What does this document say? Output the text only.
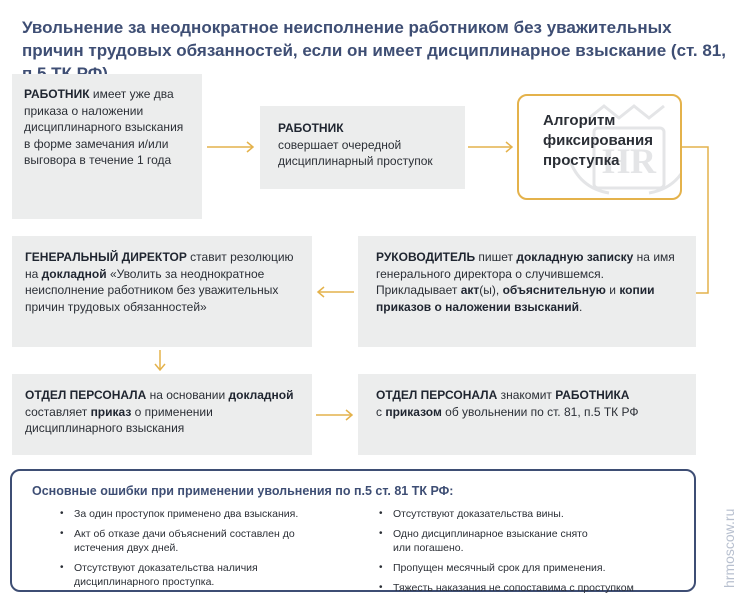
Увольнение за неоднократное неисполнение работником без уважительных причин трудовых обязанностей, если он имеет дисциплинарное взыскание (ст. 81,
РАБОТНИК имеет уже два приказа о наложении дисциплинарного взыскания в форме замечания и/или выговора в течение 1 года
РАБОТНИК
совершает очередной дисциплинарный проступок	HR
Алгоритм фиксирования проступка
РУКОВОДИТЕЛЬ пишет докладную записку на имя генерального директора о случившемся. Прикладывает акт(ы), объяснительную и копии приказов о наложении взысканий.
ГЕНЕРАЛЬНЫЙ ДИРЕКТОР ставит резолюцию на докладной «Уволить за неоднократное неисполнение работником без уважительных причин трудовых обязанностей»
ОТДЕЛ ПЕРСОНАЛА на основании докладной составляет приказ о применении дисциплинарного взыскания
ОТДЕЛ ПЕРСОНАЛА знакомит РАБОТНИКА
с приказом об увольнении по ст. 81, п.5 ТК РФ
Основные ошибки при применении увольнения по п.5 ст. 81 ТК РФ:
• За один проступок применено два взыскания.
• Акт об отказе дачи объяснений составлен до истечения двух дней.
• Отсутствуют доказательства наличия дисциплинарного проступка.
• Отсутствуют доказательства вины.
• Одно дисциплинарное взыскание снято или погашено.
• Пропущен месячный срок для применения.
• Тяжесть наказания не сопоставима с проступком	hrmoscow.ru
